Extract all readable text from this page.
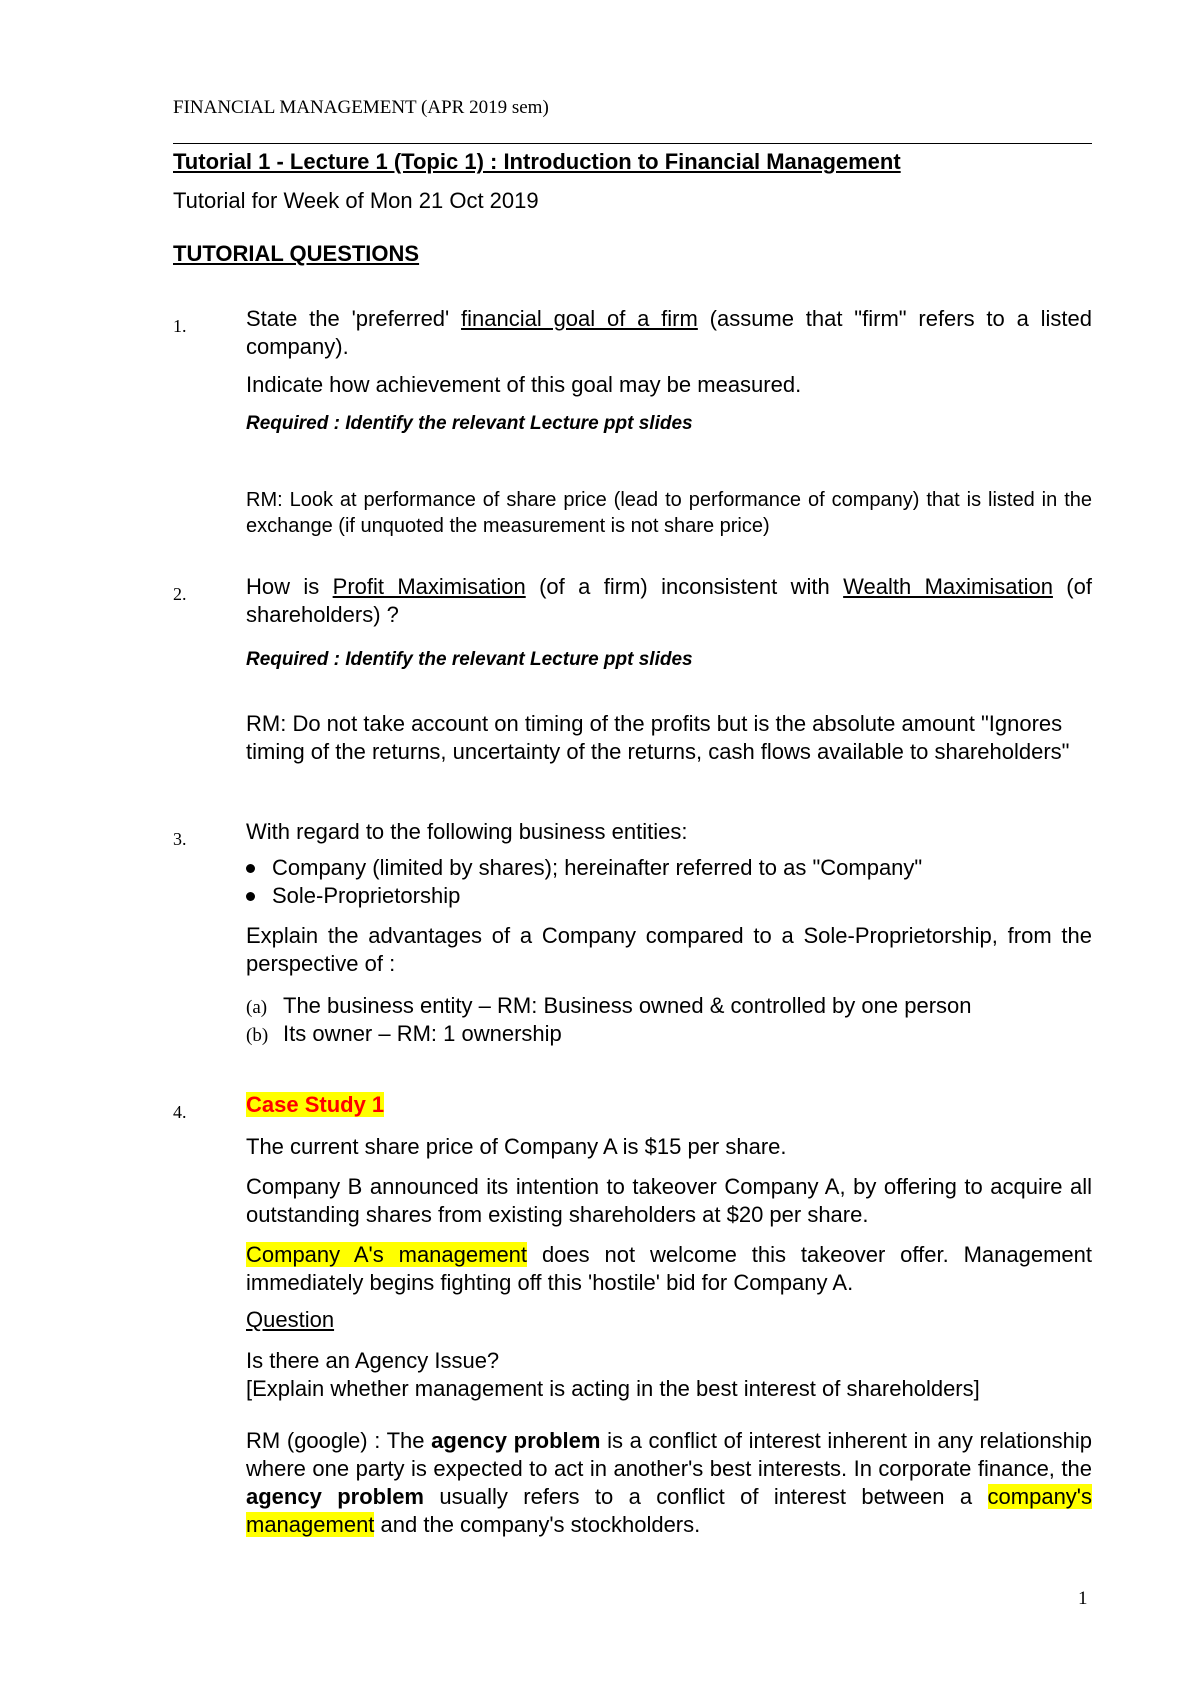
FINANCIAL MANAGEMENT (APR 2019 sem)
Tutorial 1 - Lecture 1 (Topic 1) : Introduction to Financial Management
Tutorial for Week of Mon 21 Oct 2019
TUTORIAL QUESTIONS
1.	State the 'preferred' financial goal of a firm (assume that "firm" refers to a listed company).
Indicate how achievement of this goal may be measured.
Required : Identify the relevant Lecture ppt slides
RM: Look at performance of share price (lead to performance of company) that is listed in the exchange (if unquoted the measurement is not share price)
2.	How is Profit Maximisation (of a firm) inconsistent with Wealth Maximisation (of shareholders) ?
Required : Identify the relevant Lecture ppt slides
RM: Do not take account on timing of the profits but is the absolute amount "Ignores timing of the returns, uncertainty of the returns, cash flows available to shareholders"
3.	With regard to the following business entities:
Company (limited by shares); hereinafter referred to as "Company"
Sole-Proprietorship
Explain the advantages of a Company compared to a Sole-Proprietorship, from the perspective of :
(a) The business entity – RM: Business owned & controlled by one person
(b) Its owner – RM: 1 ownership
4.	Case Study 1
The current share price of Company A is $15 per share.
Company B announced its intention to takeover Company A, by offering to acquire all outstanding shares from existing shareholders at $20 per share.
Company A's management does not welcome this takeover offer. Management immediately begins fighting off this 'hostile' bid for Company A.
Question
Is there an Agency Issue?
[Explain whether management is acting in the best interest of shareholders]
RM (google) : The agency problem is a conflict of interest inherent in any relationship where one party is expected to act in another's best interests. In corporate finance, the agency problem usually refers to a conflict of interest between a company's management and the company's stockholders.
1
